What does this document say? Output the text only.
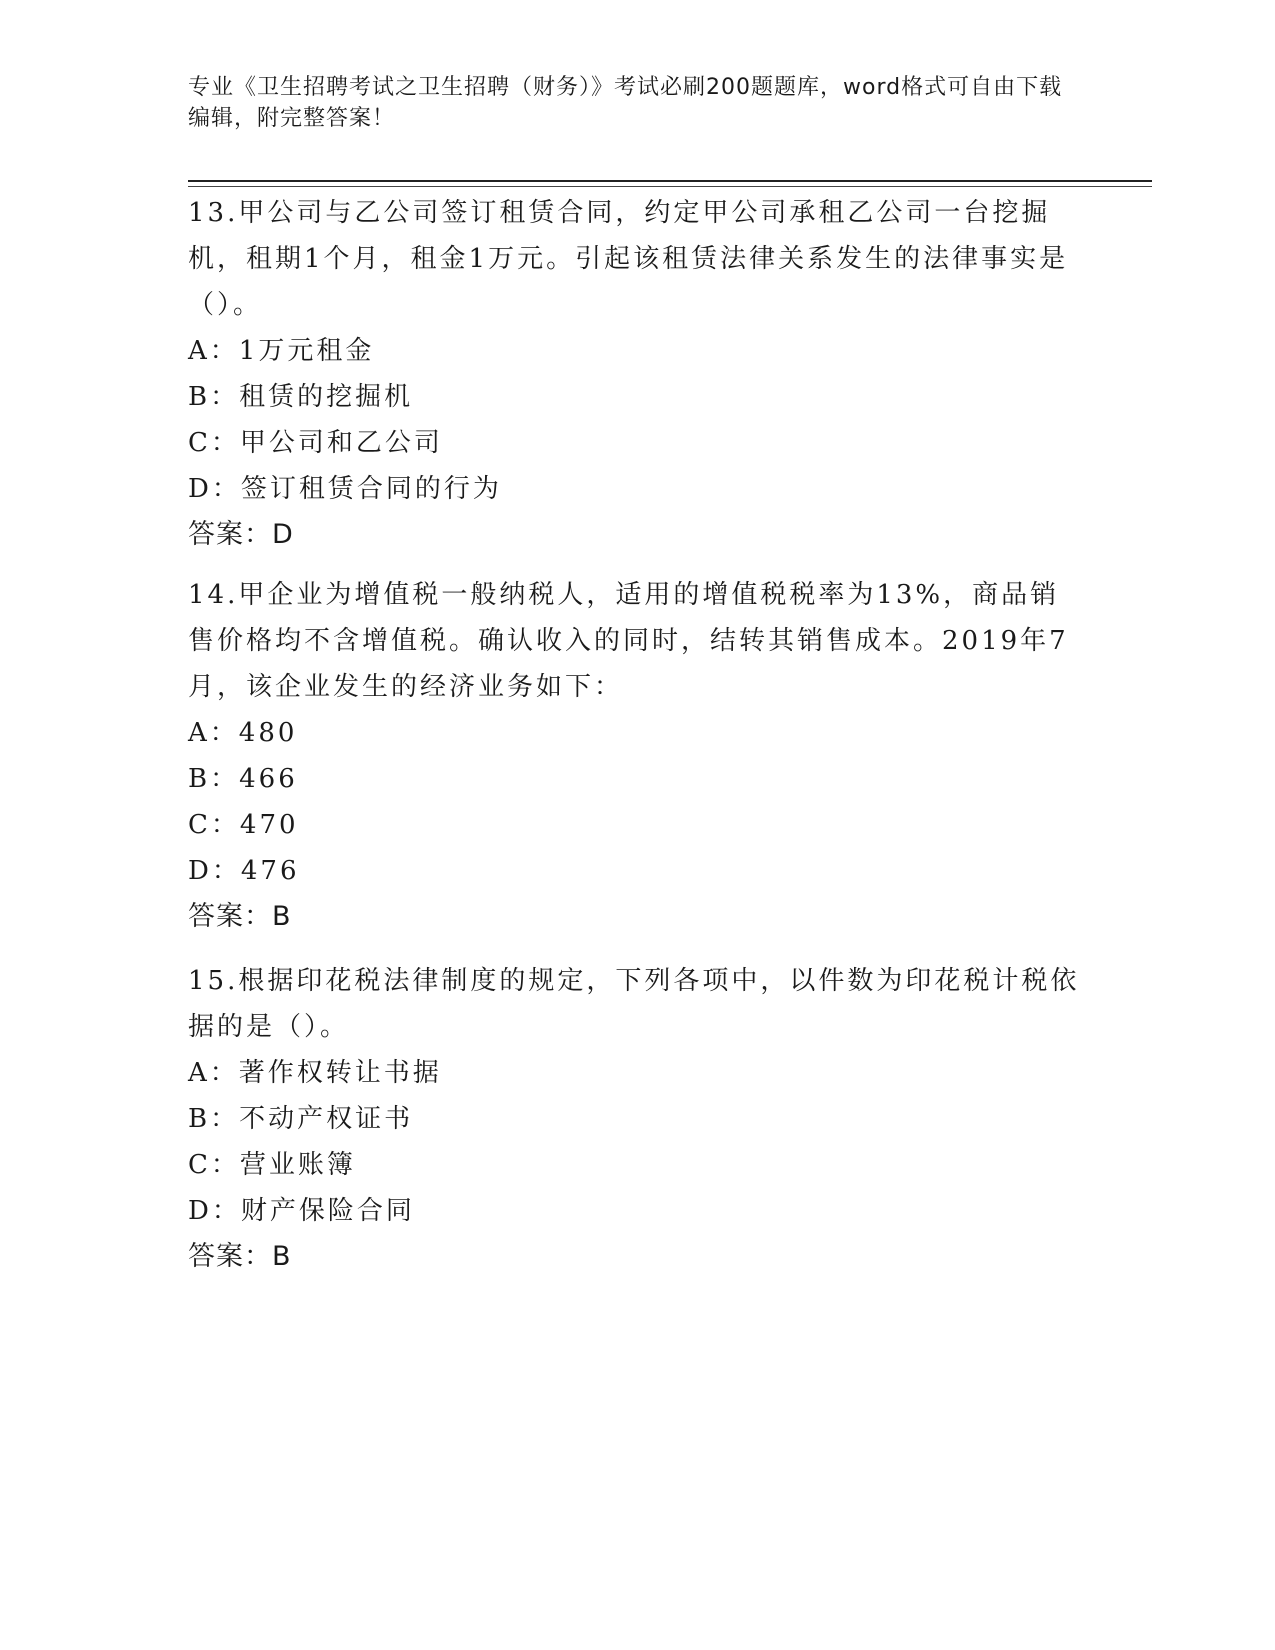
专业《卫生招聘考试之卫生招聘（财务）》考试必刷200题题库，word格式可自由下载编辑，附完整答案！

13.甲公司与乙公司签订租赁合同，约定甲公司承租乙公司一台挖掘机，租期1个月，租金1万元。引起该租赁法律关系发生的法律事实是（）。

A：1万元租金
B：租赁的挖掘机
C：甲公司和乙公司
D：签订租赁合同的行为
答案：D

14.甲企业为增值税一般纳税人，适用的增值税税率为13%，商品销售价格均不含增值税。确认收入的同时，结转其销售成本。2019年7月，该企业发生的经济业务如下：

A：480
B：466
C：470
D：476
答案：B

15.根据印花税法律制度的规定，下列各项中，以件数为印花税计税依据的是（）。

A：著作权转让书据
B：不动产权证书
C：营业账簿
D：财产保险合同
答案：B
